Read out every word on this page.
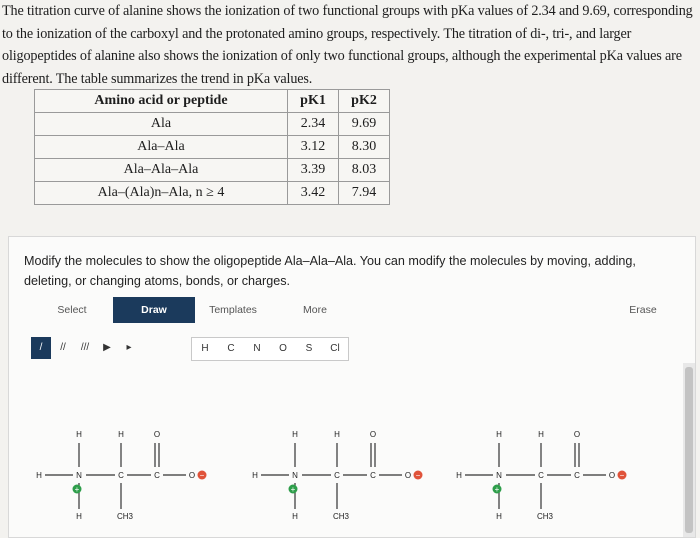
The titration curve of alanine shows the ionization of two functional groups with pKa values of 2.34 and 9.69, corresponding to the ionization of the carboxyl and the protonated amino groups, respectively. The titration of di-, tri-, and larger oligopeptides of alanine also shows the ionization of only two functional groups, although the experimental pKa values are different. The table summarizes the trend in pKa values.
Amino acid or peptide	pK1	pK2
Ala	2.34	9.69
Ala–Ala	3.12	8.30
Ala–Ala–Ala	3.39	8.03
Ala–(Ala)n–Ala, n ≥ 4	3.42	7.94
Modify the molecules to show the oligopeptide Ala–Ala–Ala. You can modify the molecules by moving, adding, deleting, or changing atoms, bonds, or charges.
Select	Draw	Templates	More	Erase
/	//	///	▶	▸	H	C	N	O	S	Cl
H
H
H
N
+
C
H
CH3
C
O
O −	H
H
H
N
+
C
H
CH3
C
O
O −	H
H
H
N
+
C
H
CH3
C
O
O −
